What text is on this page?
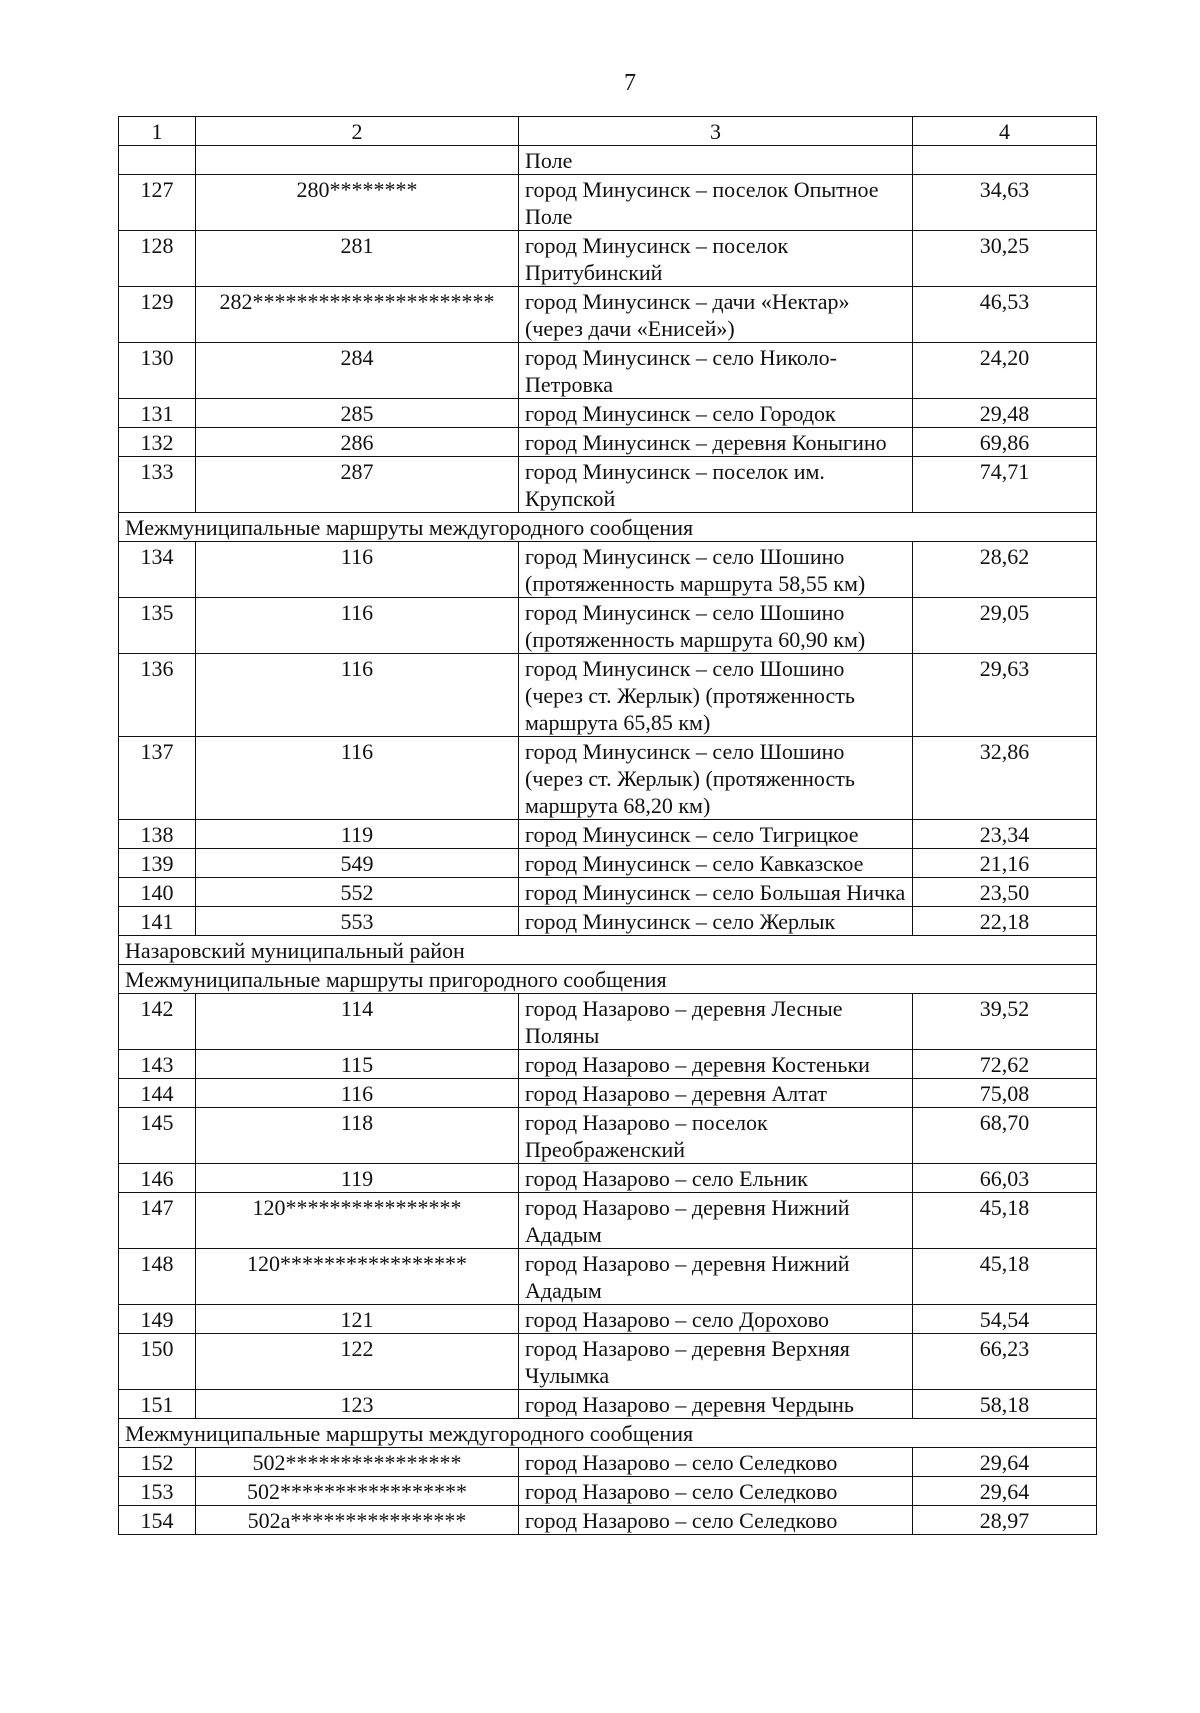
7
1	2	3	4
		Поле	
127	280********	город Минусинск – поселок Опытное Поле	34,63
128	281	город Минусинск – поселок Притубинский	30,25
129	282**********************	город Минусинск – дачи «Нектар» (через дачи «Енисей»)	46,53
130	284	город Минусинск – село Николо-Петровка	24,20
131	285	город Минусинск – село Городок	29,48
132	286	город Минусинск – деревня Коныгино	69,86
133	287	город Минусинск – поселок им. Крупской	74,71
Межмуниципальные маршруты междугородного сообщения			
134	116	город Минусинск – село Шошино (протяженность маршрута 58,55 км)	28,62
135	116	город Минусинск – село Шошино (протяженность маршрута 60,90 км)	29,05
136	116	город Минусинск – село Шошино (через ст. Жерлык) (протяженность маршрута 65,85 км)	29,63
137	116	город Минусинск – село Шошино (через ст. Жерлык) (протяженность маршрута 68,20 км)	32,86
138	119	город Минусинск – село Тигрицкое	23,34
139	549	город Минусинск – село Кавказское	21,16
140	552	город Минусинск – село Большая Ничка	23,50
141	553	город Минусинск – село Жерлык	22,18
Назаровский муниципальный район			
Межмуниципальные маршруты пригородного сообщения			
142	114	город Назарово – деревня Лесные Поляны	39,52
143	115	город Назарово – деревня Костеньки	72,62
144	116	город Назарово – деревня Алтат	75,08
145	118	город Назарово – поселок Преображенский	68,70
146	119	город Назарово – село Ельник	66,03
147	120****************	город Назарово – деревня Нижний Ададым	45,18
148	120*****************	город Назарово – деревня Нижний Ададым	45,18
149	121	город Назарово – село Дорохово	54,54
150	122	город Назарово – деревня Верхняя Чулымка	66,23
151	123	город Назарово – деревня Чердынь	58,18
Межмуниципальные маршруты междугородного сообщения			
152	502****************	город Назарово – село Селедково	29,64
153	502*****************	город Назарово – село Селедково	29,64
154	502а****************	город Назарово – село Селедково	28,97
